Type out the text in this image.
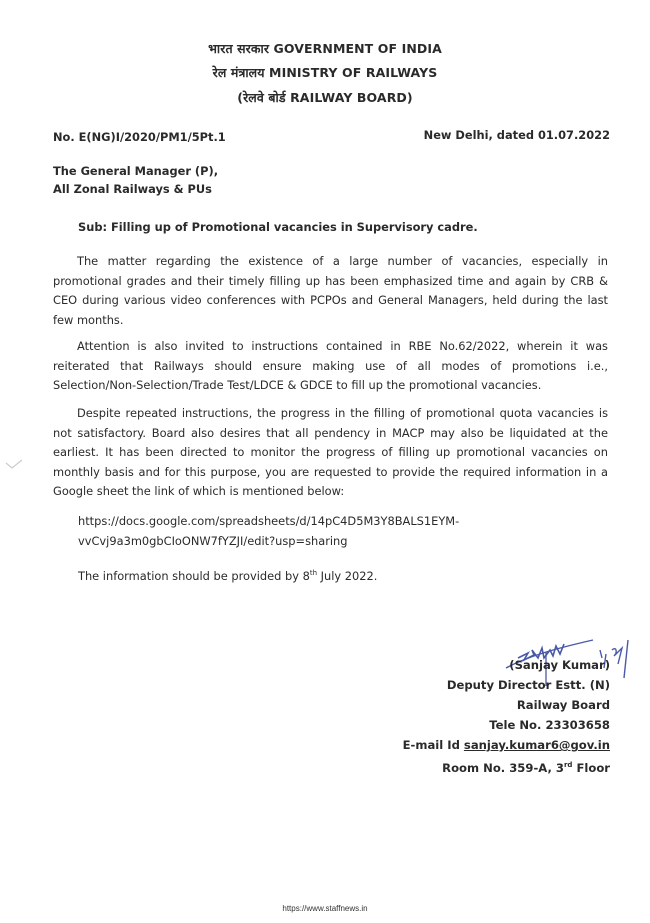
भारत सरकार GOVERNMENT OF INDIA
रेल मंत्रालय MINISTRY OF RAILWAYS
(रेलवे बोर्ड RAILWAY BOARD)
No. E(NG)I/2020/PM1/5Pt.1	New Delhi, dated 01.07.2022
The General Manager (P),
All Zonal Railways & PUs
Sub: Filling up of Promotional vacancies in Supervisory cadre.
The matter regarding the existence of a large number of vacancies, especially in promotional grades and their timely filling up has been emphasized time and again by CRB & CEO during various video conferences with PCPOs and General Managers, held during the last few months.
Attention is also invited to instructions contained in RBE No.62/2022, wherein it was reiterated that Railways should ensure making use of all modes of promotions i.e., Selection/Non-Selection/Trade Test/LDCE & GDCE to fill up the promotional vacancies.
Despite repeated instructions, the progress in the filling of promotional quota vacancies is not satisfactory. Board also desires that all pendency in MACP may also be liquidated at the earliest. It has been directed to monitor the progress of filling up promotional vacancies on monthly basis and for this purpose, you are requested to provide the required information in a Google sheet the link of which is mentioned below:
https://docs.google.com/spreadsheets/d/14pC4D5M3Y8BALS1EYM-
vvCvj9a3m0gbCIoONW7fYZJI/edit?usp=sharing
The information should be provided by 8th July 2022.
(Sanjay Kumar)
Deputy Director Estt. (N)
Railway Board
Tele No. 23303658
E-mail Id sanjay.kumar6@gov.in
Room No. 359-A, 3rd Floor
https://www.staffnews.in
